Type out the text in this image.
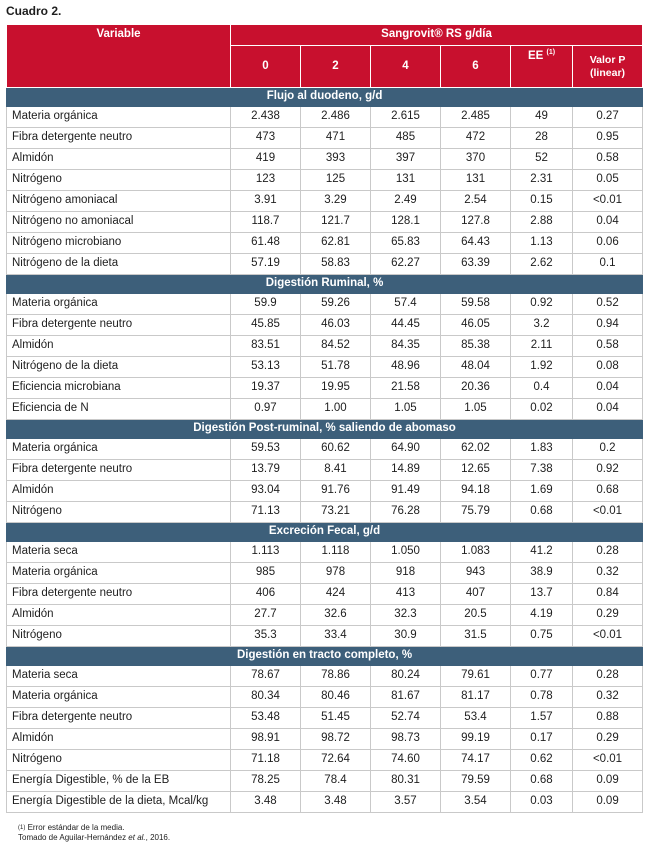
Cuadro 2.
Variable	Sangrovit® RS g/día					
	0	2	4	6	EE $^{(1)}$	Valor P
(linear)
Flujo al duodeno, g/d						
Materia orgánica	2.438	2.486	2.615	2.485	49	0.27
Fibra detergente neutro	473	471	485	472	28	0.95
Almidón	419	393	397	370	52	0.58
Nitrógeno	123	125	131	131	2.31	0.05
Nitrógeno amoniacal	3.91	3.29	2.49	2.54	0.15	<0.01
Nitrógeno no amoniacal	118.7	121.7	128.1	127.8	2.88	0.04
Nitrógeno microbiano	61.48	62.81	65.83	64.43	1.13	0.06
Nitrógeno de la dieta	57.19	58.83	62.27	63.39	2.62	0.1
Digestión Ruminal, %						
Materia orgánica	59.9	59.26	57.4	59.58	0.92	0.52
Fibra detergente neutro	45.85	46.03	44.45	46.05	3.2	0.94
Almidón	83.51	84.52	84.35	85.38	2.11	0.58
Nitrógeno de la dieta	53.13	51.78	48.96	48.04	1.92	0.08
Eficiencia microbiana	19.37	19.95	21.58	20.36	0.4	0.04
Eficiencia de N	0.97	1.00	1.05	1.05	0.02	0.04
Digestión Post-ruminal, % saliendo de abomaso						
Materia orgánica	59.53	60.62	64.90	62.02	1.83	0.2
Fibra detergente neutro	13.79	8.41	14.89	12.65	7.38	0.92
Almidón	93.04	91.76	91.49	94.18	1.69	0.68
Nitrógeno	71.13	73.21	76.28	75.79	0.68	<0.01
Excreción Fecal, g/d						
Materia seca	1.113	1.118	1.050	1.083	41.2	0.28
Materia orgánica	985	978	918	943	38.9	0.32
Fibra detergente neutro	406	424	413	407	13.7	0.84
Almidón	27.7	32.6	32.3	20.5	4.19	0.29
Nitrógeno	35.3	33.4	30.9	31.5	0.75	<0.01
Digestión en tracto completo, %						
Materia seca	78.67	78.86	80.24	79.61	0.77	0.28
Materia orgánica	80.34	80.46	81.67	81.17	0.78	0.32
Fibra detergente neutro	53.48	51.45	52.74	53.4	1.57	0.88
Almidón	98.91	98.72	98.73	99.19	0.17	0.29
Nitrógeno	71.18	72.64	74.60	74.17	0.62	<0.01
Energía Digestible, % de la EB	78.25	78.4	80.31	79.59	0.68	0.09
Energía Digestible de la dieta, Mcal/kg	3.48	3.48	3.57	3.54	0.03	0.09
$^{(1)}$ Error estándar de la media.
Tomado de Aguilar-Hernández et al., 2016.
